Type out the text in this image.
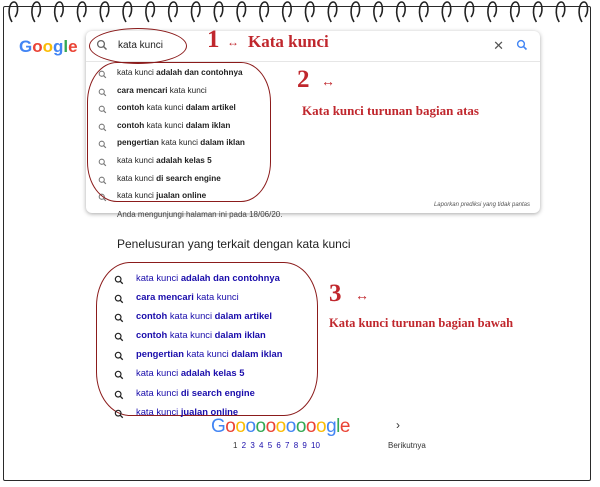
Google	kata kunci	✕
kata kunci adalah dan contohnya
cara mencari kata kunci
contoh kata kunci dalam artikel
contoh kata kunci dalam iklan
pengertian kata kunci dalam iklan
kata kunci adalah kelas 5
kata kunci di search engine
kata kunci jualan online
Laporkan prediksi yang tidak pantas
1 ↔ Kata kunci
2 ↔
Kata kunci turunan bagian atas
3 ↔
Kata kunci turunan bagian bawah
Anda mengunjungi halaman ini pada 18/06/20.
Penelusuran yang terkait dengan kata kunci
kata kunci adalah dan contohnya
cara mencari kata kunci
contoh kata kunci dalam artikel
contoh kata kunci dalam iklan
pengertian kata kunci dalam iklan
kata kunci adalah kelas 5
kata kunci di search engine
kata kunci jualan online
Goooooooooogle
1 2 3 4 5 6 7 8 9 10
›
Berikutnya
